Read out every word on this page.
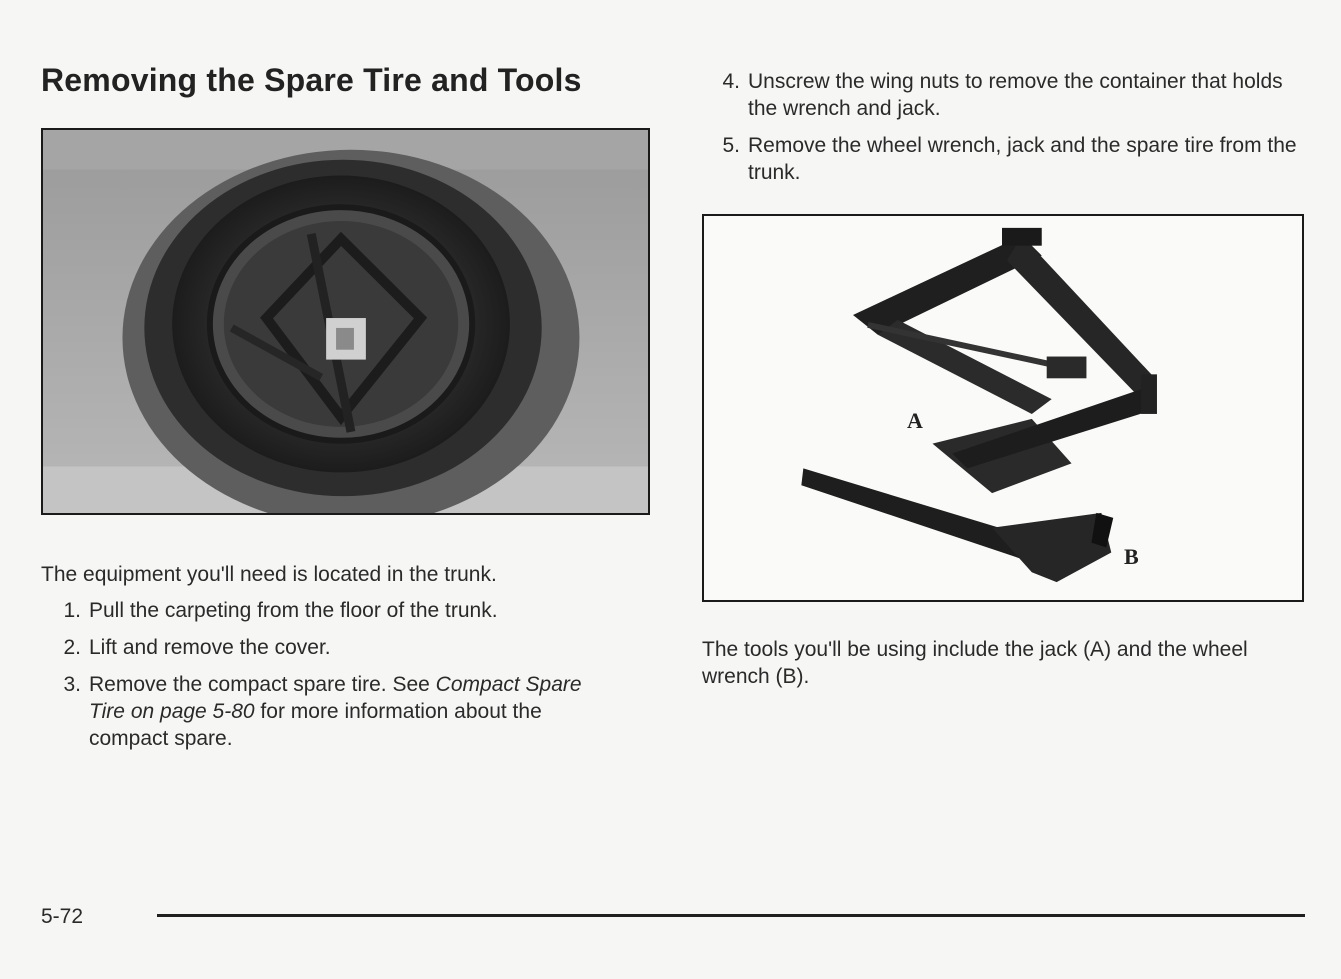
Removing the Spare Tire and Tools

The equipment you'll need is located in the trunk.

1. Pull the carpeting from the floor of the trunk.
2. Lift and remove the cover.
3. Remove the compact spare tire. See Compact Spare Tire on page 5-80 for more information about the compact spare.
4. Unscrew the wing nuts to remove the container that holds the wrench and jack.
5. Remove the wheel wrench, jack and the spare tire from the trunk.
A
B

The tools you'll be using include the jack (A) and the wheel wrench (B).

5-72
